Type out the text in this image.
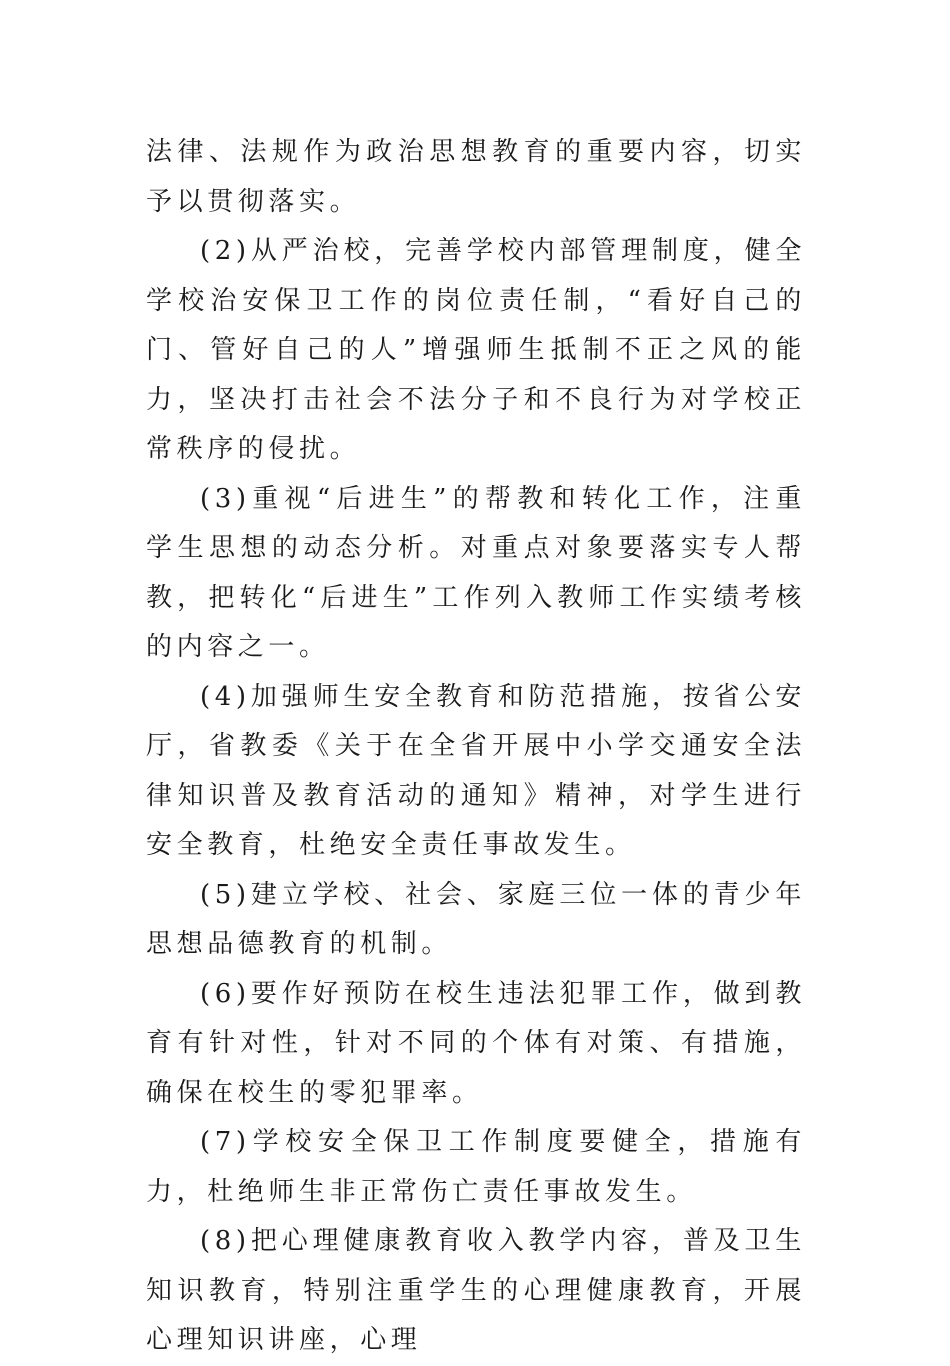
法律、法规作为政治思想教育的重要内容，切实予以贯彻落实。

(2)从严治校，完善学校内部管理制度，健全学校治安保卫工作的岗位责任制，“看好自己的门、管好自己的人”增强师生抵制不正之风的能力，坚决打击社会不法分子和不良行为对学校正常秩序的侵扰。

(3)重视“后进生”的帮教和转化工作，注重学生思想的动态分析。对重点对象要落实专人帮教，把转化“后进生”工作列入教师工作实绩考核的内容之一。

(4)加强师生安全教育和防范措施，按省公安厅，省教委《关于在全省开展中小学交通安全法律知识普及教育活动的通知》精神，对学生进行安全教育，杜绝安全责任事故发生。

(5)建立学校、社会、家庭三位一体的青少年思想品德教育的机制。

(6)要作好预防在校生违法犯罪工作，做到教育有针对性，针对不同的个体有对策、有措施，确保在校生的零犯罪率。

(7)学校安全保卫工作制度要健全，措施有力，杜绝师生非正常伤亡责任事故发生。

(8)把心理健康教育收入教学内容，普及卫生知识教育，特别注重学生的心理健康教育，开展心理知识讲座，心理
